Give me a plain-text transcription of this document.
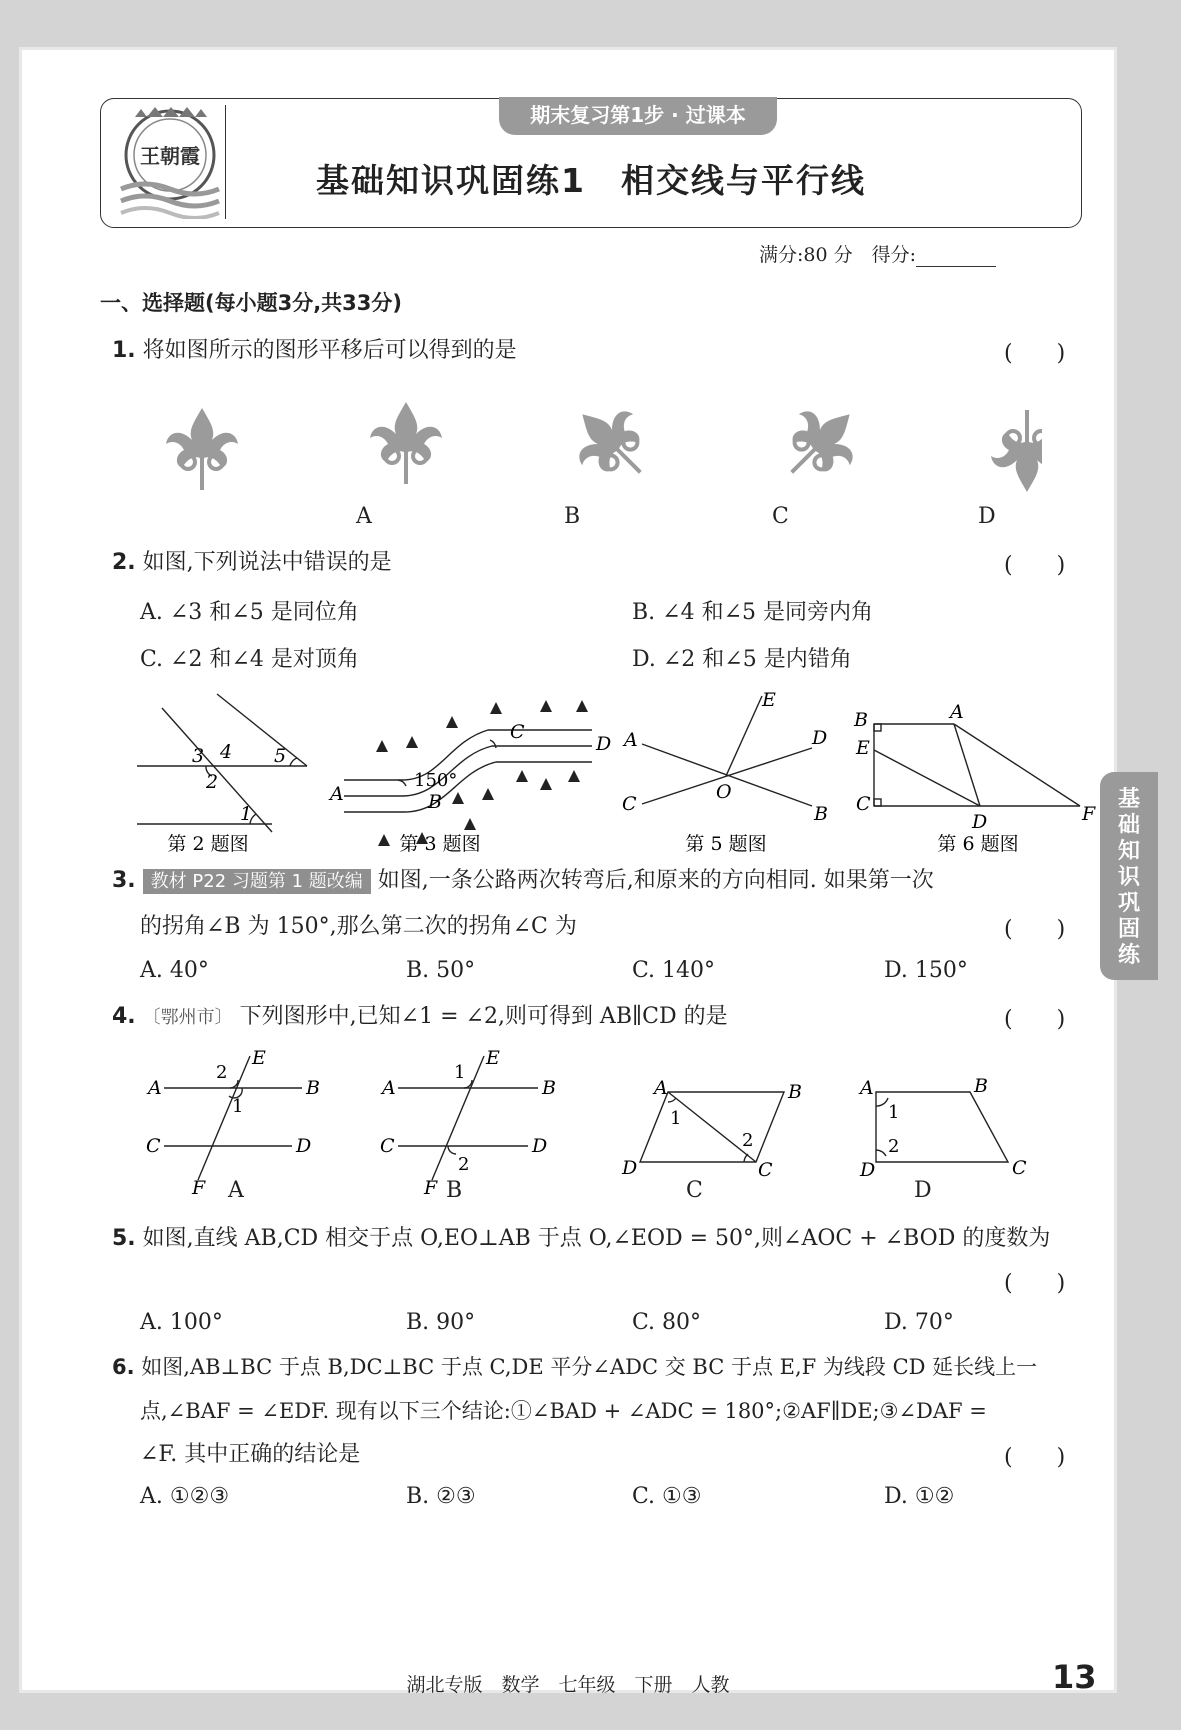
王朝霞
期末复习第1步 · 过课本
基础知识巩固练1　相交线与平行线
满分:80 分　得分:
一、选择题(每小题3分,共33分)
1. 将如图所示的图形平移后可以得到的是	(　　)
A	B	C	D
2. 如图,下列说法中错误的是	(　　)
A. ∠3 和∠5 是同位角	B. ∠4 和∠5 是同旁内角
C. ∠2 和∠4 是对顶角	D. ∠2 和∠5 是内错角
3 4 5
2
1
C
D
150°
A	B
E
A	D
C
O
B
B	A
E
C
D	F
第 2 题图	第 3 题图	第 5 题图	第 6 题图
3. 教材 P22 习题第 1 题改编 如图,一条公路两次转弯后,和原来的方向相同. 如果第一次
的拐角∠B 为 150°,那么第二次的拐角∠C 为	(　　)
A. 40°	B. 50°	C. 140°	D. 150°
4. 〔鄂州市〕 下列图形中,已知∠1 = ∠2,则可得到 AB∥CD 的是	(　　)
E
2
A	B
1
C	D
F
E
1
A	B
C	D
2
F
A	B
1
2
D	C
A	B
1
2
D	C
A	B	C	D
5. 如图,直线 AB,CD 相交于点 O,EO⊥AB 于点 O,∠EOD = 50°,则∠AOC + ∠BOD 的度数为
(　　)
A. 100°	B. 90°	C. 80°	D. 70°
6. 如图,AB⊥BC 于点 B,DC⊥BC 于点 C,DE 平分∠ADC 交 BC 于点 E,F 为线段 CD 延长线上一
点,∠BAF = ∠EDF. 现有以下三个结论:①∠BAD + ∠ADC = 180°;②AF∥DE;③∠DAF =
∠F. 其中正确的结论是	(　　)
A. ①②③	B. ②③	C. ①③	D. ①②
湖北专版　数学　七年级　下册　人教	13
基
础
知
识
巩
固
练
